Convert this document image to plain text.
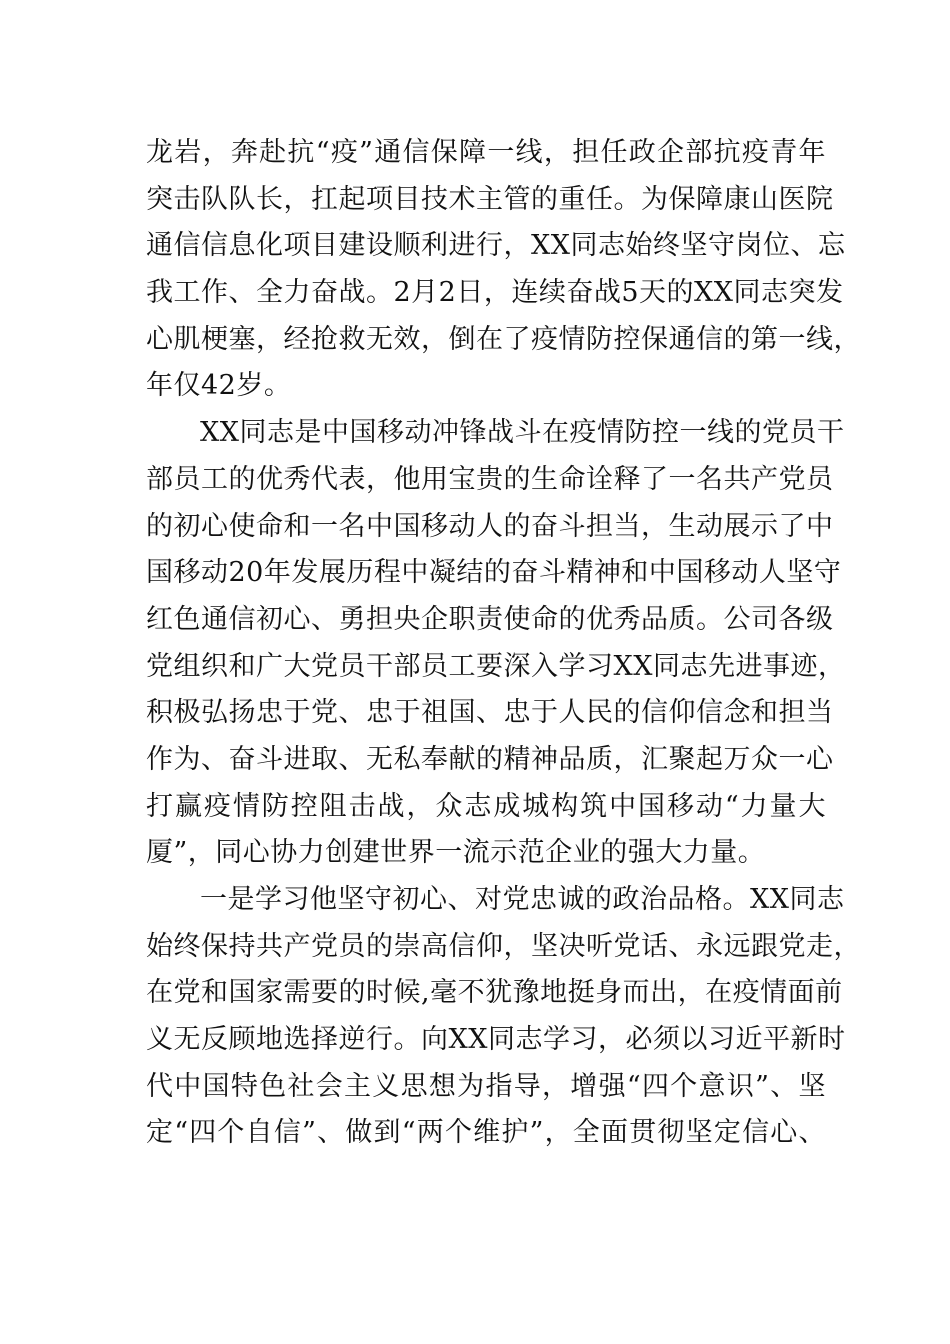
龙岩，奔赴抗“疫”通信保障一线，担任政企部抗疫青年
突击队队长，扛起项目技术主管的重任。为保障康山医院
通信信息化项目建设顺利进行，XX同志始终坚守岗位、忘
我工作、全力奋战。2月2日，连续奋战5天的XX同志突发
心肌梗塞，经抢救无效，倒在了疫情防控保通信的第一线，
年仅42岁。
XX同志是中国移动冲锋战斗在疫情防控一线的党员干
部员工的优秀代表，他用宝贵的生命诠释了一名共产党员
的初心使命和一名中国移动人的奋斗担当，生动展示了中
国移动20年发展历程中凝结的奋斗精神和中国移动人坚守
红色通信初心、勇担央企职责使命的优秀品质。公司各级
党组织和广大党员干部员工要深入学习XX同志先进事迹，
积极弘扬忠于党、忠于祖国、忠于人民的信仰信念和担当
作为、奋斗进取、无私奉献的精神品质，汇聚起万众一心
打赢疫情防控阻击战，众志成城构筑中国移动“力量大
厦”，同心协力创建世界一流示范企业的强大力量。
一是学习他坚守初心、对党忠诚的政治品格。XX同志
始终保持共产党员的崇高信仰，坚决听党话、永远跟党走，
在党和国家需要的时候,毫不犹豫地挺身而出，在疫情面前
义无反顾地选择逆行。向XX同志学习，必须以习近平新时
代中国特色社会主义思想为指导，增强“四个意识”、坚
定“四个自信”、做到“两个维护”，全面贯彻坚定信心、
